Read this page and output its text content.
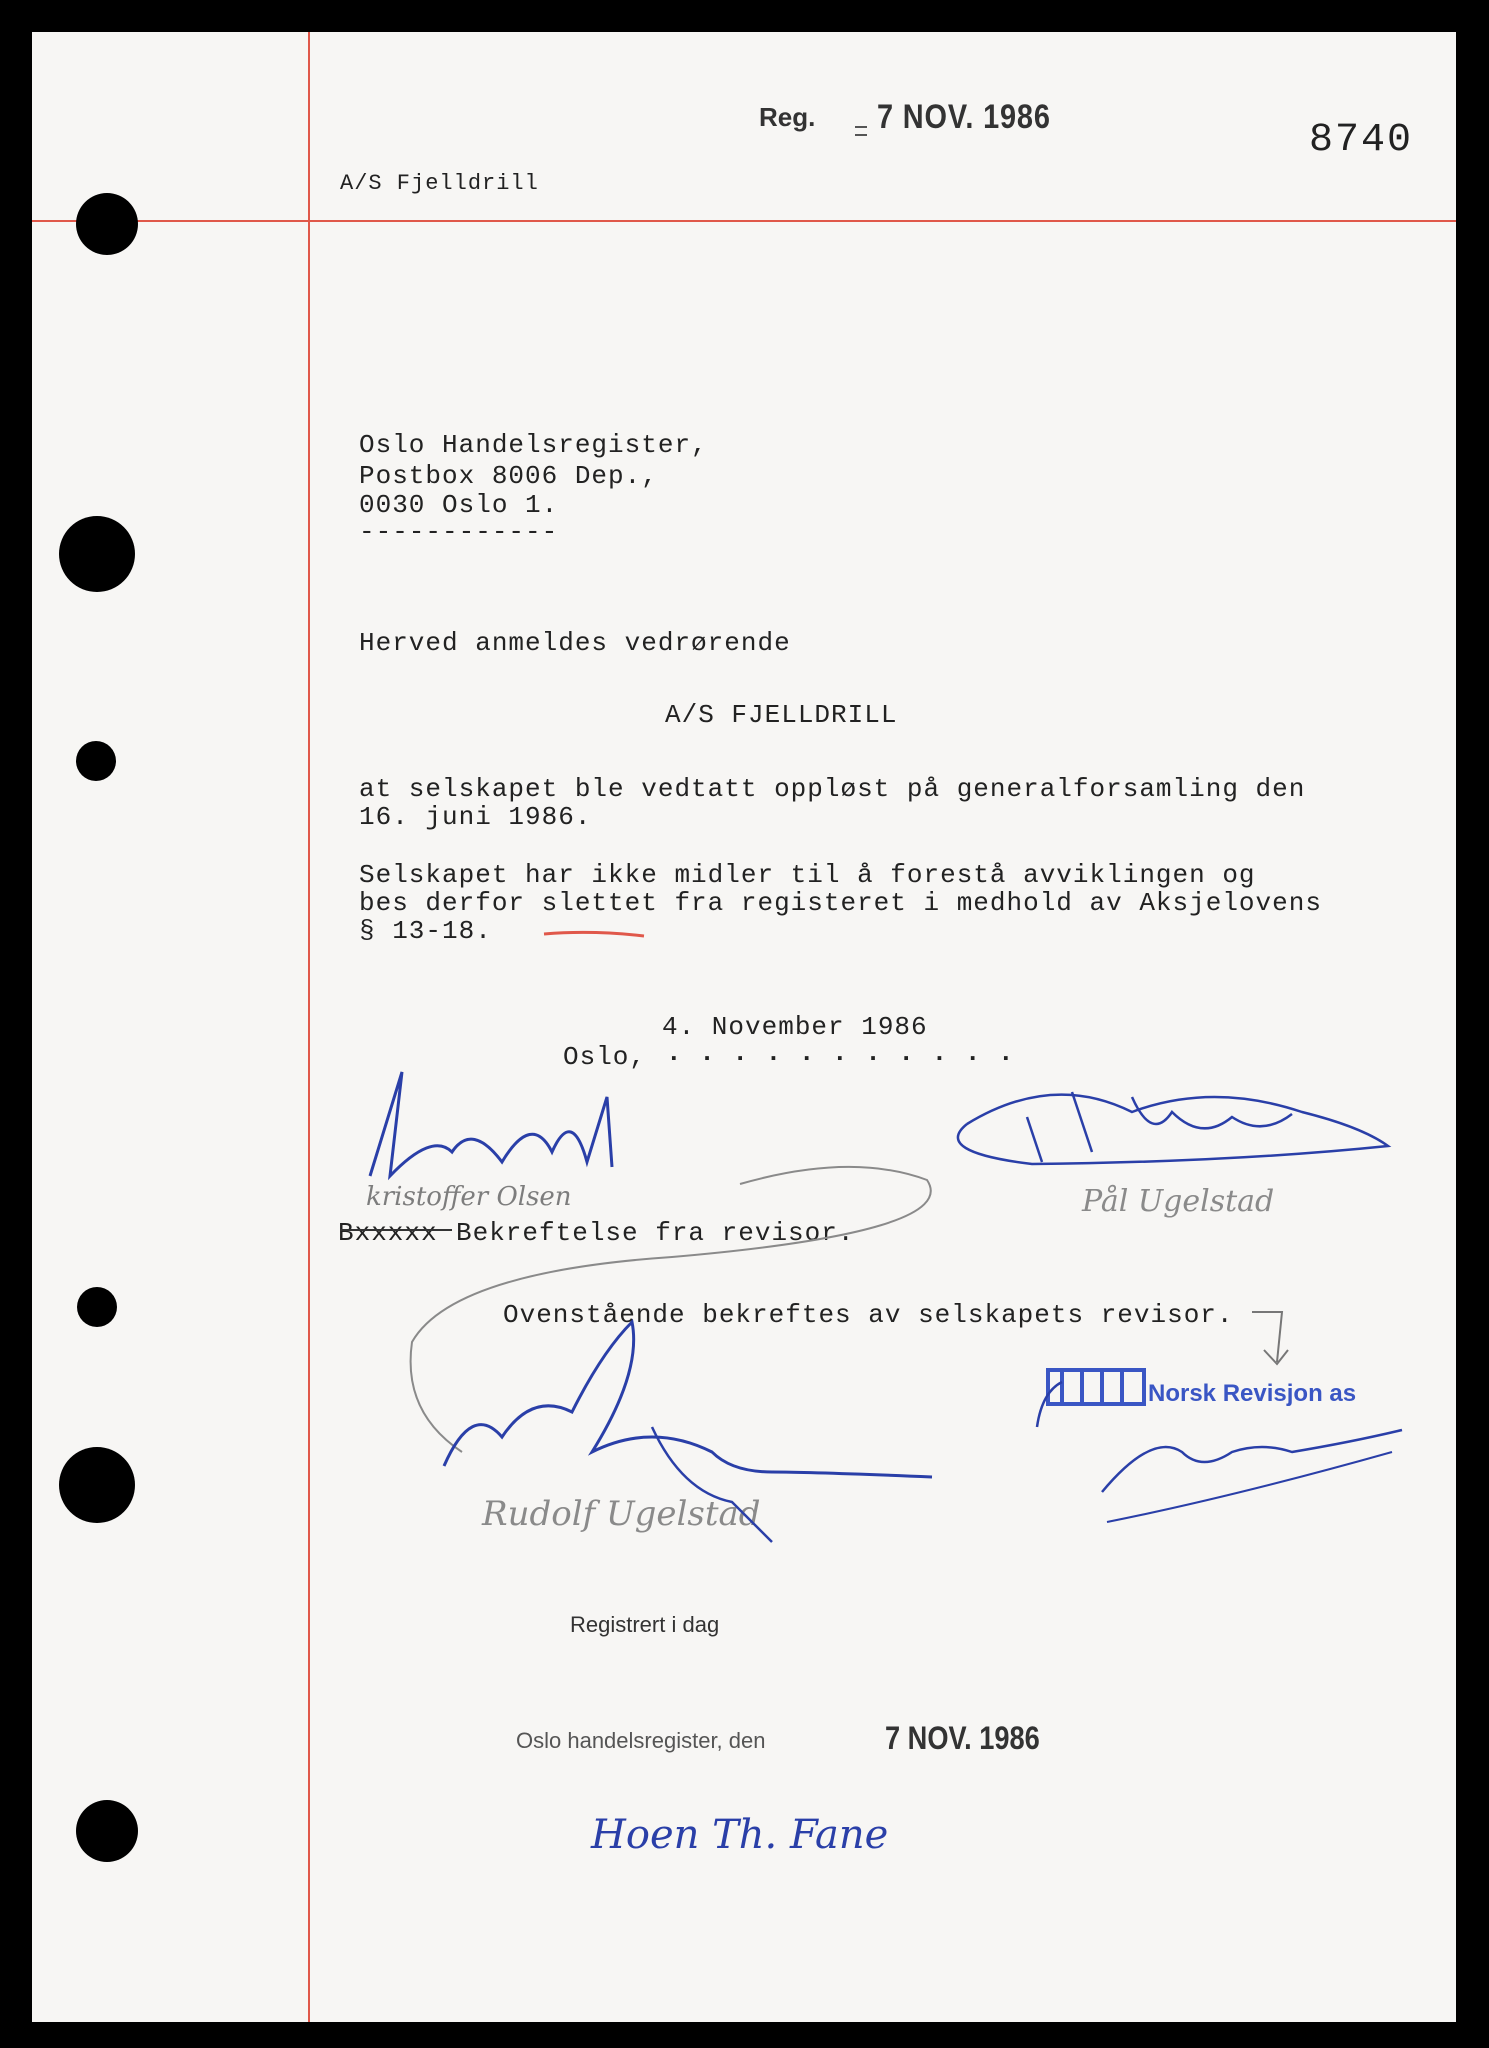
Reg. 7 NOV. 1986
8740
A/S Fjelldrill
Oslo Handelsregister,
Postbox 8006 Dep.,
0030 Oslo 1.
------------
Herved anmeldes vedrørende
A/S FJELLDRILL
at selskapet ble vedtatt oppløst på generalforsamling den
16. juni 1986.
Selskapet har ikke midler til å forestå avviklingen og
bes derfor slettet fra registeret i medhold av Aksjelovens
§ 13-18.
4. November 1986
Oslo, . . . . . . . . . . .
Bxxxxx Bekreftelse fra revisor.
Ovenstående bekreftes av selskapets revisor.
kristoffer Olsen	Pål Ugelstad
Rudolf Ugelstad
Norsk Revisjon as
Registrert i dag
Oslo handelsregister, den	7 NOV. 1986
Hoen Th. Fane
